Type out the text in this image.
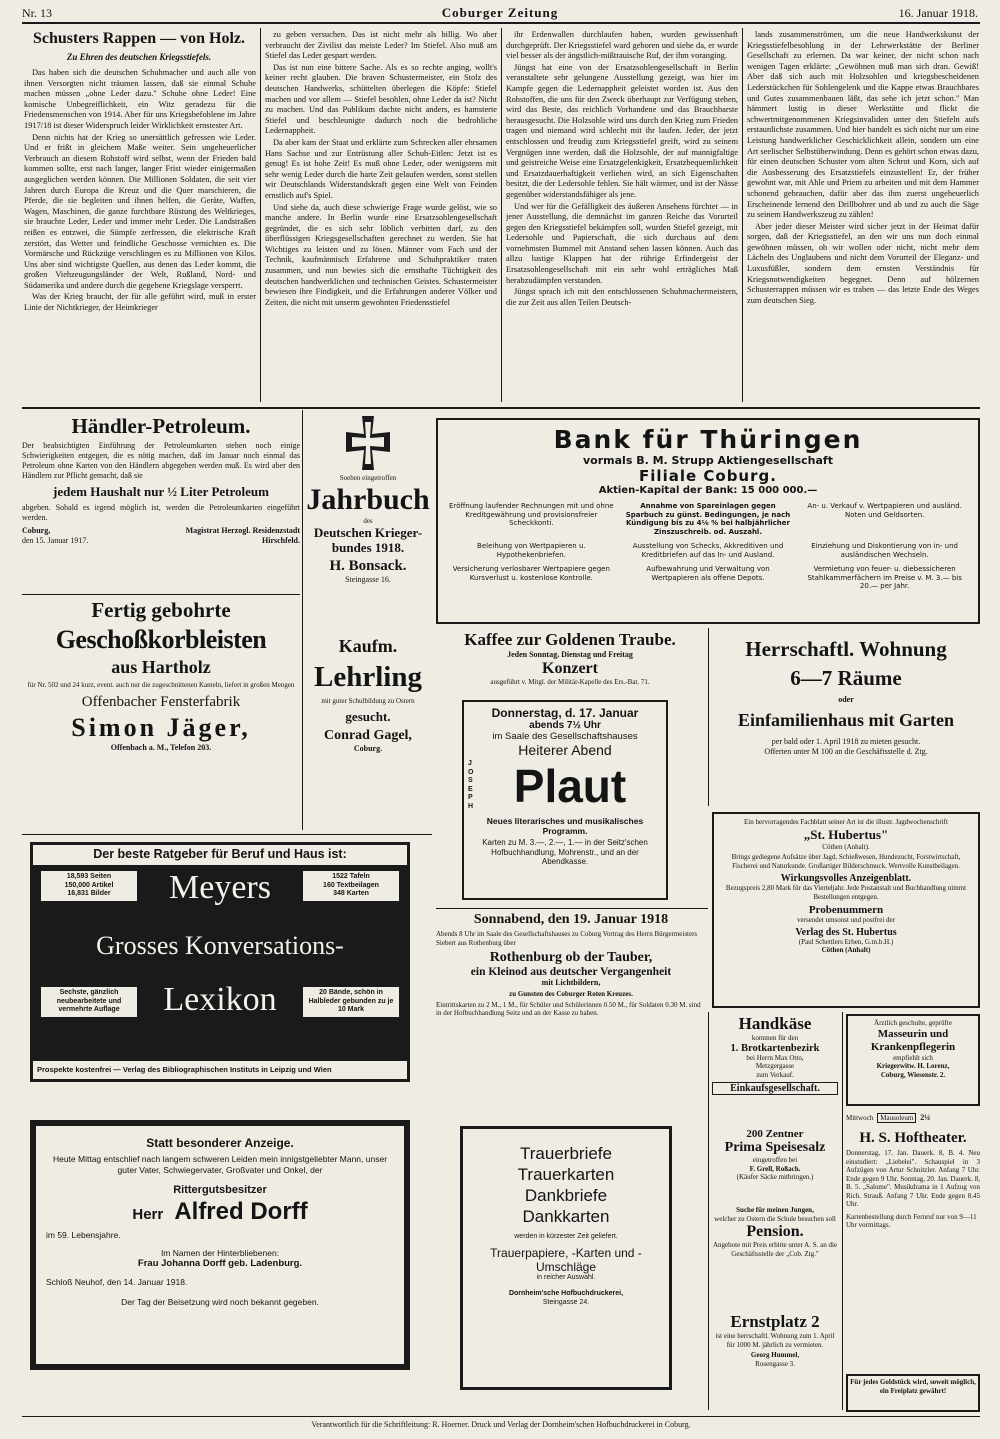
Nr. 13	Coburger Zeitung	16. Januar 1918.
Schusters Rappen — von Holz.
Zu Ehren des deutschen Kriegsstiefels.

Das haben sich die deutschen Schuhmacher und auch alle von ihnen Versorgten nicht träumen lassen, daß sie einmal Schuhe machen müssen „ohne Leder dazu." Schuhe ohne Leder! Eine komische Unbegreiflichkeit, ein Witz geradezu für die Friedensmenschen von 1914. Aber für uns Kriegsbefohlene im Jahre 1917/18 ist dieser Widerspruch leider Wirklichkeit ernstester Art.

Denn nichts hat der Krieg so unersättlich gefressen wie Leder. Und er frißt in gleichem Maße weiter. Sein ungeheuerlicher Verbrauch an diesem Rohstoff wird selbst, wenn der Frieden bald kommen sollte, erst nach langer, langer Frist wieder einigermaßen ausgeglichen werden können. Die Millionen Soldaten, die seit vier Jahren durch Europa die Kreuz und die Quer marschieren, die Pferde, die sie begleiten und ihnen helfen, die Geräte, Waffen, Wagen, Maschinen, die ganze furchtbare Rüstung des Weltkrieges, sie brauchte Leder, Leder und immer mehr Leder. Die Landstraßen reißen es entzwei, die Sümpfe zerfressen, die elektrische Kraft zerstört, das Wetter und feindliche Geschosse vernichten es. Die Vormärsche und Rückzüge verschlingen es zu Millionen von Kilos. Uns aber sind wichtigste Quellen, aus denen das Leder kommt, die großen Viehzeugungsländer der Welt, Rußland, Nord- und Südamerika und andere durch die gegebene Kriegslage versperrt.

Was der Krieg braucht, der für alle geführt wird, muß in erster Linie der Nichtkrieger, der Heimkrieger

zu geben versuchen. Das ist nicht mehr als billig. Wo aber verbraucht der Zivilist das meiste Leder? Im Stiefel. Also muß am Stiefel das Leder gespart werden.

Das ist nun eine bittere Sache. Als es so rechte anging, wollt's keiner recht glauben. Die braven Schustermeister, ein Stolz des deutschen Handwerks, schüttelten überlegen die Köpfe: Stiefel machen und vor allem — Stiefel besohlen, ohne Leder da ist? Nicht zu machen. Und das Publikum dachte nicht anders, es hamsterte Stiefel und beschleunigte dadurch noch die bedrohliche Ledernappheit.

Da aber kam der Staat und erklärte zum Schrecken aller ehrsamen Hans Sachse und zur Entrüstung aller Schuh-Eitlen: Jetzt ist es genug! Es ist hohe Zeit! Es muß ohne Leder, oder wenigstens mit sehr wenig Leder durch die harte Zeit gelaufen werden, sonst stellen wir Deutschlands Widerstandskraft gegen eine Welt von Feinden ernstlich auf's Spiel.

Und siehe da, auch diese schwierige Frage wurde gelöst, wie so manche andere. In Berlin wurde eine Ersatzsohlengesellschaft gegründet, die es sich sehr löblich verbitten darf, zu den überflüssigen Kriegsgesellschaften gerechnet zu werden. Sie hat Wichtiges zu leisten und zu lösen. Männer vom Fach und der Technik, kaufmännisch Erfahrene und Schuhpraktiker traten zusammen, und nun bewies sich die ernsthafte Tüchtigkeit des deutschen handwerklichen und technischen Geistes. Schustermeister bewiesen ihre Findigkeit, und die Erfahrungen anderer Völker und Zeiten, die nicht mit unserm gewohnten Friedensstiefel

ihr Erdenwallen durchlaufen haben, wurden gewissenhaft durchgeprüft. Der Kriegsstiefel ward geboren und siehe da, er wurde viel besser als der ängstlich-mißtrauische Ruf, der ihm voranging.

Jüngst hat eine von der Ersatzsohlengesellschaft in Berlin veranstaltete sehr gelungene Ausstellung gezeigt, was hier im Kampfe gegen die Ledernappheit geleistet worden ist. Aus den Rohstoffen, die uns für den Zweck überhaupt zur Verfügung stehen, wird das Beste, das reichlich Vorhandene und das Brauchbarste herausgesucht. Die Holzsohle wird uns durch den Krieg zum Frieden tragen und niemand wird schlecht mit ihr laufen. Jeder, der jetzt entschlossen und freudig zum Kriegsstiefel greift, wird zu seinem Vergnügen inne werden, daß die Holzsohle, der auf mannigfaltige und geistreiche Weise eine Ersatzgelenkigkeit, Ersatzbequemlichkeit und Ersatzdauerhaftigkeit verliehen wird, an sich Eigenschaften besitzt, die der Ledersohle fehlen. Sie hält wärmer, und ist der Nässe gegenüber widerstandsfähiger als jene.

Und wer für die Gefälligkeit des äußeren Ansehens fürchtet — in jener Ausstellung, die demnächst im ganzen Reiche das Vorurteil gegen den Kriegsstiefel bekämpfen soll, wurden Stiefel gezeigt, mit Ledersohle und Papierschaft, die sich durchaus auf dem vornehmsten Bummel mit Anstand sehen lassen können. Auch das allzu lustige Klappen hat der rührige Erfindergeist der Ersatzsohlengesellschaft mit ein sehr wohl erträgliches Maß herabzudämpfen verstanden.

Jüngst sprach ich mit den entschlossenen Schuhmachermeistern, die zur Zeit aus allen Teilen Deutsch-

lands zusammenströmen, um die neue Handwerkskunst der Kriegsstiefelbesohlung in der Lehrwerkstätte der Berliner Gesellschaft zu erlernen. Da war keiner, der nicht schon nach wenigen Tagen erklärte: „Gewöhnen muß man sich dran. Gewiß! Aber daß sich auch mit Holzsohlen und kriegsbescheidenen Lederstückchen für Sohlengelenk und die Kappe etwas Brauchbares und Gutes zusammenbauen läßt, das sehe ich jetzt schon." Man hämmert lustig in dieser Werkstätte und flickt die schwertmitgenommenen Kriegsinvaliden unter den Stiefeln aufs erstaunlichste zusammen. Und hier handelt es sich nicht nur um eine Leistung handwerklicher Geschicklichkeit allein, sondern um eine Art seelischer Selbstüberwindung. Denn es gehört schon etwas dazu, für einen deutschen Schuster vom alten Schrot und Korn, sich auf die Ausbesserung des Ersatzstiefels einzustellen! Er, der früher gewohnt war, mit Ahle und Priem zu arbeiten und mit dem Hammer schonend gebrauchen, dafür aber das ihm zuerst ungeheuerlich Erscheinende lernend den Drillbohrer und ab und zu auch die Säge zu seinem Handwerkszeug zu zählen!

Aber jeder dieser Meister wird sicher jetzt in der Heimat dafür sorgen, daß der Kriegsstiefel, an den wir uns nun doch einmal gewöhnen müssen, ob wir wollen oder nicht, nicht mehr dem Lächeln des Unglaubens und nicht dem Vorurteil der Eleganz- und Luxusfüßler, sondern dem ernsten Verständnis für Kriegsnotwendigkeiten begegnet. Denn auf hölzernen Schusterrappen müssen wir es traben — das letzte Ende des Weges zum deutschen Sieg.

Händler-Petroleum.
Der beabsichtigten Einführung der Petroleumkarten stehen noch einige Schwierigkeiten entgegen, die es nötig machen, daß im Januar noch einmal das Petroleum ohne Karten von den Händlern abgegeben werden muß. Es wird aber den Händlern zur Pflicht gemacht, daß sie
jedem Haushalt nur ½ Liter Petroleum
abgeben. Sobald es irgend möglich ist, werden die Petroleumkarten eingeführt werden.
Coburg,	Magistrat Herzogl. Residenzstadt
den 15. Januar 1917.	Hirschfeld.
Soeben eingetroffen
Jahrbuch
des
Deutschen Krieger-bundes 1918.
H. Bonsack.
Steingasse 16.
Bank für Thüringen
vormals B. M. Strupp Aktiengesellschaft
Filiale Coburg.
Aktien-Kapital der Bank: 15 000 000.—
Eröffnung laufender Rechnungen mit und ohne Kreditgewährung und provisionsfreier Scheckkonti.
Annahme von Spareinlagen gegen Sparbuch zu günst. Bedingungen, je nach Kündigung bis zu 4⅛ % bei halbjährlicher Zinszuschreib. od. Auszahl.
An- u. Verkauf v. Wertpapieren und ausländ. Noten und Geldsorten.
Beleihung von Wertpapieren u. Hypothekenbriefen.
Ausstellung von Schecks, Akkreditiven und Kreditbriefen auf das In- und Ausland.
Einziehung und Diskontierung von in- und ausländischen Wechseln.
Versicherung verlosbarer Wertpapiere gegen Kursverlust u. kostenlose Kontrolle.
Aufbewahrung und Verwaltung von Wertpapieren als offene Depots.
Vermietung von feuer- u. diebessicheren Stahlkammerfächern im Preise v. M. 3.— bis 20.— per Jahr.
Fertig gebohrte
Geschoßkorbleisten
aus Hartholz
für Nr. 502 und 24 kurz, event. auch nur die zugeschnittenen Kanteln, liefert in großen Mengen
Offenbacher Fensterfabrik
Simon Jäger,
Offenbach a. M., Telefon 203.
Kaufm.
Lehrling
mit guter Schulbildung zu Ostern
gesucht.
Conrad Gagel,
Coburg.
Kaffee zur Goldenen Traube.
Jeden Sonntag, Dienstag und Freitag
Konzert
ausgeführt v. Mitgl. der Militär-Kapelle des Ers.-Bat. 71.
Herrschaftl. Wohnung
6—7 Räume
oder
Einfamilienhaus mit Garten
per bald oder 1. April 1918 zu mieten gesucht.
Offerten unter M 100 an die Geschäftsstelle d. Ztg.
Der beste Ratgeber für Beruf und Haus ist:
18,593 Seiten
150,000 Artikel
16,831 Bilder
1522 Tafeln
160 Textbeilagen
348 Karten
Meyers
Grosses Konversations-
Sechste, gänzlich neubearbeitete und vermehrte Auflage	Lexikon	20 Bände, schön in Halbleder gebunden zu je 10 Mark
Prospekte kostenfrei — Verlag des Bibliographischen Instituts in Leipzig und Wien
Donnerstag, d. 17. Januar
abends 7½ Uhr
im Saale des Gesellschaftshauses
Heiterer Abend
JOSEPH Plaut
Neues literarisches und musikalisches Programm.
Karten zu M. 3.—, 2.—, 1.— in der Seitz'schen Hofbuchhandlung, Mohrenstr., und an der Abendkasse.
Ein hervorragendes Fachblatt seiner Art ist die illustr. Jagdwochenschrift
„St. Hubertus"
Cöthen (Anhalt).
Brings gediegene Aufsätze über Jagd, Schießwesen, Hundezucht, Forstwirtschaft, Fischerei und Naturkunde. Großartiger Bilderschmuck. Wertvolle Kunstbeilagen.
Wirkungsvolles Anzeigenblatt.
Bezugspreis 2,80 Mark für das Vierteljahr. Jede Postanstalt und Buchhandlung nimmt Bestellungen entgegen.
Probenummern
versendet umsonst und postfrei der
Verlag des St. Hubertus
(Paul Schettlers Erben, G.m.b.H.)
Cöthen (Anhalt)
Sonnabend, den 19. Januar 1918
Abends 8 Uhr im Saale des Gesellschaftshauses zu Coburg Vortrag des Herrn Bürgermeisters Siebert aus Rothenburg über
Rothenburg ob der Tauber,
ein Kleinod aus deutscher Vergangenheit
mit Lichtbildern,
zu Gunsten des Coburger Roten Kreuzes.
Eintrittskarten zu 2 M., 1 M., für Schüler und Schülerinnen 0.50 M., für Soldaten 0.30 M. sind in der Hofbuchhandlung Seitz und an der Kasse zu haben.
Statt besonderer Anzeige.
Heute Mittag entschlief nach langem schweren Leiden mein innigstgeliebter Mann, unser guter Vater, Schwiegervater, Großvater und Onkel, der
Rittergutsbesitzer
Herr Alfred Dorff
im 59. Lebensjahre.
Im Namen der Hinterbliebenen:
Frau Johanna Dorff geb. Ladenburg.
Schloß Neuhof, den 14. Januar 1918.
Der Tag der Beisetzung wird noch bekannt gegeben.
Trauerbriefe
Trauerkarten
Dankbriefe
Dankkarten
werden in kürzester Zeit geliefert.
Trauerpapiere, -Karten und -Umschläge
in reicher Auswahl.
Dornheim'sche Hofbuchdruckerei,
Steingasse 24.
Handkäse
kommen für den
1. Brotkartenbezirk
bei Herrn Max Otto,
Metzgergasse
zum Verkauf.
Einkaufsgesellschaft.
200 Zentner
Prima Speisesalz
eingetroffen bei
F. Grell, Roßach.
(Käufer Säcke mitbringen.)
Suche für meinen Jungen,
welcher zu Ostern die Schule besuchen soll
Pension.
Angebote mit Preis erbitte unter A. S. an die Geschäftsstelle der „Cob. Ztg."
Ernstplatz 2
ist eine herrschaftl. Wohnung zum 1. April für 1000 M. jährlich zu vermieten.
Georg Hummel,
Rosengasse 3.
Ärztlich geschulte, geprüfte
Masseurin und Krankenpflegerin
empfiehlt sich
Kriegerwitw. H. Lorenz,
Coburg, Wiesenstr. 2.
Mittwoch	Mausoleum 2¼
H. S. Hoftheater.
Donnerstag, 17. Jan. Dauerk. 8, B. 4. Neu einstudiert: „Liebelei". Schauspiel in 3 Aufzügen von Artur Schnitzler. Anfang 7 Uhr. Ende gegen 9 Uhr. Sonntag, 20. Jan. Dauerk. 8, B. 5. „Salome". Musikdrama in 1 Aufzug von Rich. Strauß. Anfang 7 Uhr. Ende gegen 8.45 Uhr.
Kartenbestellung durch Fernruf nur von 9—11 Uhr vormittags.
Für jedes Goldstück wird, soweit möglich, ein Freiplatz gewährt!
Verantwortlich für die Schriftleitung: R. Hoerner. Druck und Verlag der Dornheim'schen Hofbuchdruckerei in Coburg.
